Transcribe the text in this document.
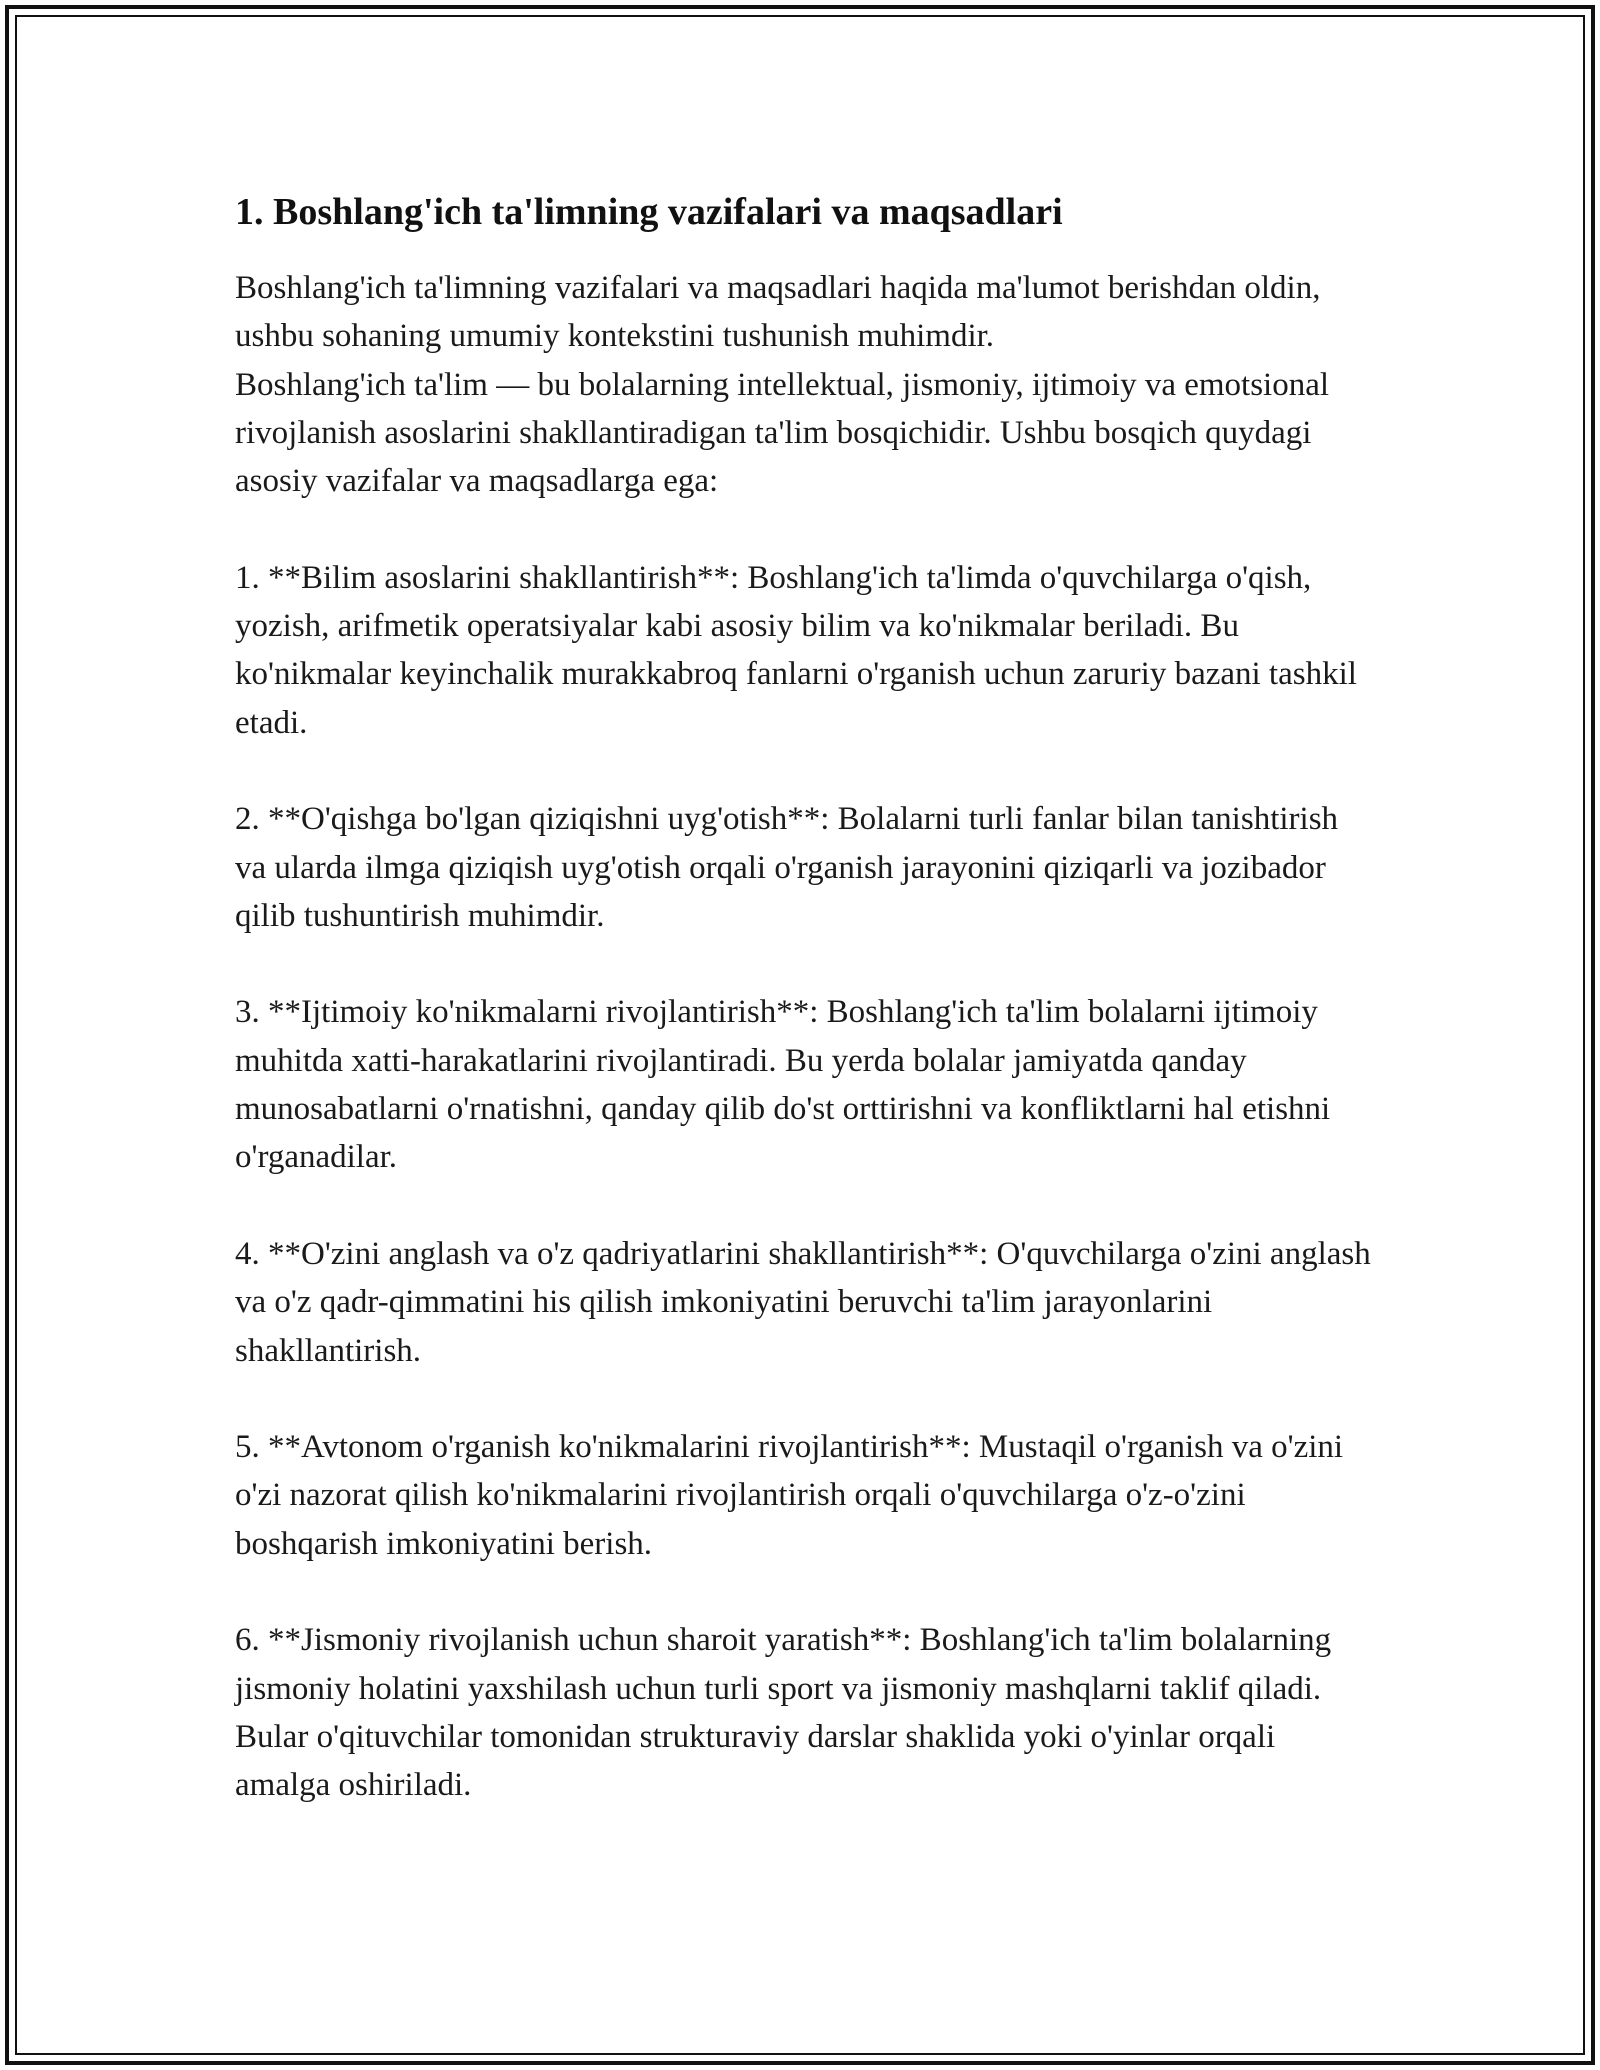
1. Boshlang'ich ta'limning vazifalari va maqsadlari

Boshlang'ich ta'limning vazifalari va maqsadlari haqida ma'lumot berishdan oldin, ushbu sohaning umumiy kontekstini tushunish muhimdir.
Boshlang'ich ta'lim — bu bolalarning intellektual, jismoniy, ijtimoiy va emotsional rivojlanish asoslarini shakllantiradigan ta'lim bosqichidir. Ushbu bosqich quydagi asosiy vazifalar va maqsadlarga ega:

1. **Bilim asoslarini shakllantirish**: Boshlang'ich ta'limda o'quvchilarga o'qish, yozish, arifmetik operatsiyalar kabi asosiy bilim va ko'nikmalar beriladi. Bu ko'nikmalar keyinchalik murakkabroq fanlarni o'rganish uchun zaruriy bazani tashkil etadi.

2. **O'qishga bo'lgan qiziqishni uyg'otish**: Bolalarni turli fanlar bilan tanishtirish va ularda ilmga qiziqish uyg'otish orqali o'rganish jarayonini qiziqarli va jozibador qilib tushuntirish muhimdir.

3. **Ijtimoiy ko'nikmalarni rivojlantirish**: Boshlang'ich ta'lim bolalarni ijtimoiy muhitda xatti-harakatlarini rivojlantiradi. Bu yerda bolalar jamiyatda qanday munosabatlarni o'rnatishni, qanday qilib do'st orttirishni va konfliktlarni hal etishni o'rganadilar.

4. **O'zini anglash va o'z qadriyatlarini shakllantirish**: O'quvchilarga o'zini anglash va o'z qadr-qimmatini his qilish imkoniyatini beruvchi ta'lim jarayonlarini shakllantirish.

5. **Avtonom o'rganish ko'nikmalarini rivojlantirish**: Mustaqil o'rganish va o'zini o'zi nazorat qilish ko'nikmalarini rivojlantirish orqali o'quvchilarga o'z-o'zini boshqarish imkoniyatini berish.

6. **Jismoniy rivojlanish uchun sharoit yaratish**: Boshlang'ich ta'lim bolalarning jismoniy holatini yaxshilash uchun turli sport va jismoniy mashqlarni taklif qiladi. Bular o'qituvchilar tomonidan strukturaviy darslar shaklida yoki o'yinlar orqali amalga oshiriladi.
